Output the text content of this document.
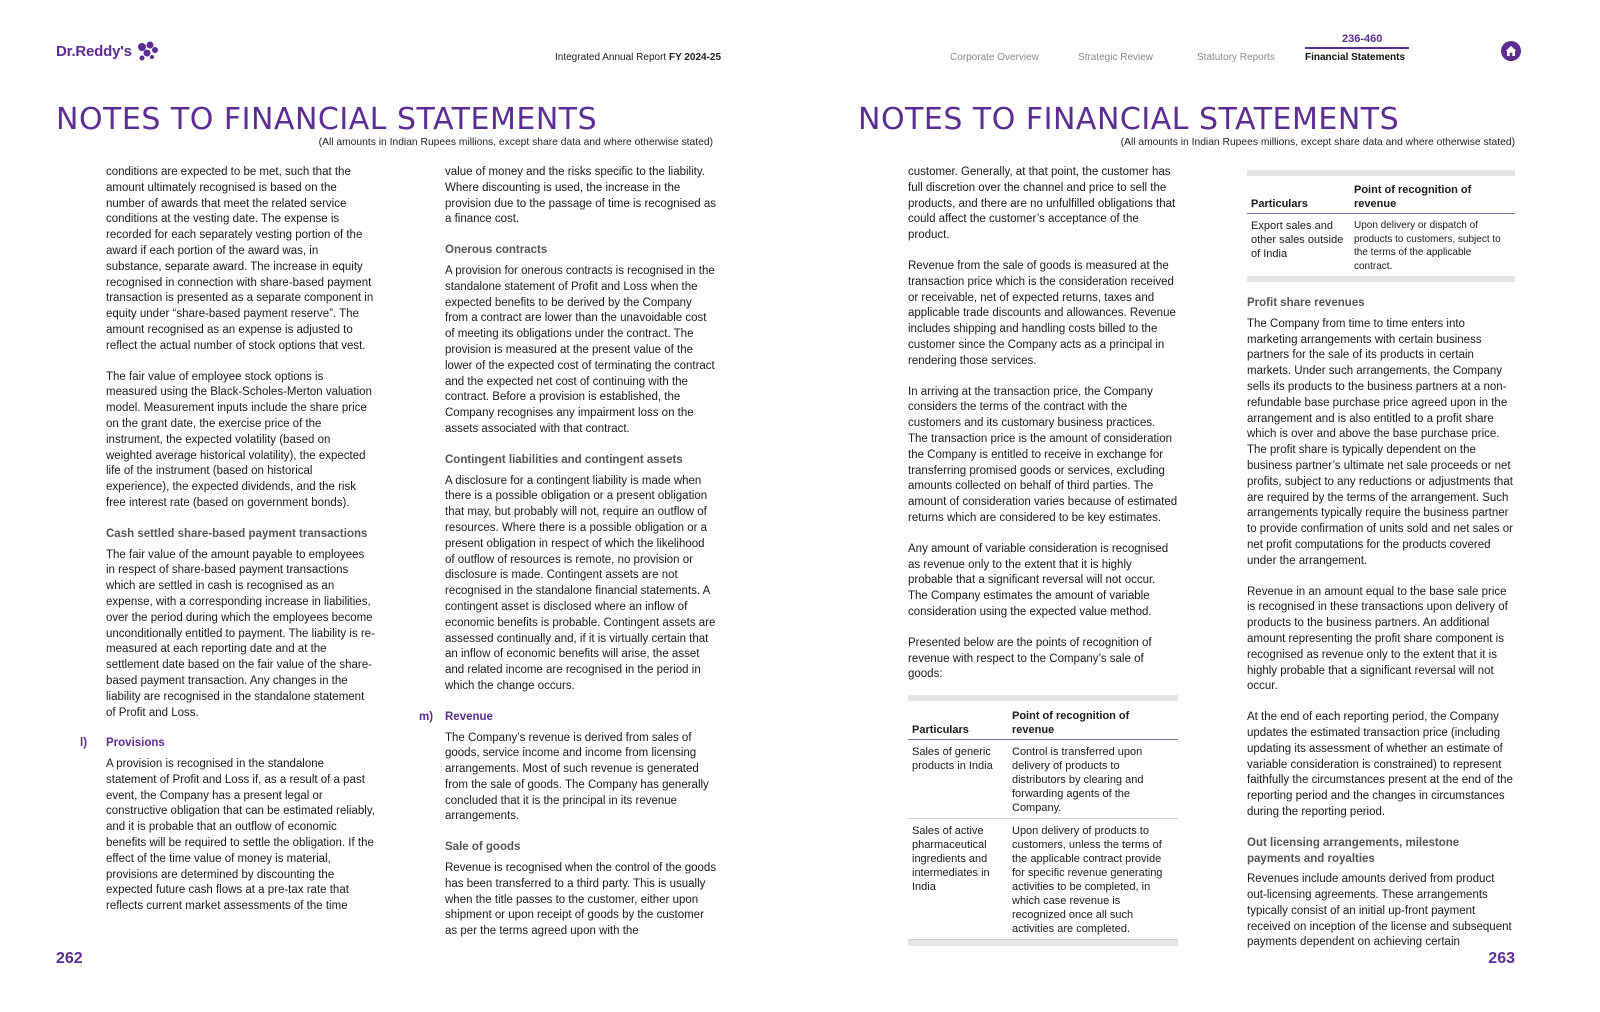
Dr.Reddy's	Integrated Annual Report FY 2024-25	Corporate Overview	Strategic Review	Statutory Reports
236-460
Financial Statements
NOTES TO FINANCIAL STATEMENTS
(All amounts in Indian Rupees millions, except share data and where otherwise stated)

conditions are expected to be met, such that the amount ultimately recognised is based on the number of awards that meet the related service conditions at the vesting date. The expense is recorded for each separately vesting portion of the award if each portion of the award was, in substance, separate award. The increase in equity recognised in connection with share-based payment transaction is presented as a separate component in equity under “share-based payment reserve”. The amount recognised as an expense is adjusted to reflect the actual number of stock options that vest.

The fair value of employee stock options is measured using the Black-Scholes-Merton valuation model. Measurement inputs include the share price on the grant date, the exercise price of the instrument, the expected volatility (based on weighted average historical volatility), the expected life of the instrument (based on historical experience), the expected dividends, and the risk free interest rate (based on government bonds).

Cash settled share-based payment transactions

The fair value of the amount payable to employees in respect of share-based payment transactions which are settled in cash is recognised as an expense, with a corresponding increase in liabilities, over the period during which the employees become unconditionally entitled to payment. The liability is re-measured at each reporting date and at the settlement date based on the fair value of the share-based payment transaction. Any changes in the liability are recognised in the standalone statement of Profit and Loss.

l) Provisions

A provision is recognised in the standalone statement of Profit and Loss if, as a result of a past event, the Company has a present legal or constructive obligation that can be estimated reliably, and it is probable that an outflow of economic benefits will be required to settle the obligation. If the effect of the time value of money is material, provisions are determined by discounting the expected future cash flows at a pre-tax rate that reflects current market assessments of the time

value of money and the risks specific to the liability. Where discounting is used, the increase in the provision due to the passage of time is recognised as a finance cost.

Onerous contracts

A provision for onerous contracts is recognised in the standalone statement of Profit and Loss when the expected benefits to be derived by the Company from a contract are lower than the unavoidable cost of meeting its obligations under the contract. The provision is measured at the present value of the lower of the expected cost of terminating the contract and the expected net cost of continuing with the contract. Before a provision is established, the Company recognises any impairment loss on the assets associated with that contract.

Contingent liabilities and contingent assets

A disclosure for a contingent liability is made when there is a possible obligation or a present obligation that may, but probably will not, require an outflow of resources. Where there is a possible obligation or a present obligation in respect of which the likelihood of outflow of resources is remote, no provision or disclosure is made. Contingent assets are not recognised in the standalone financial statements. A contingent asset is disclosed where an inflow of economic benefits is probable. Contingent assets are assessed continually and, if it is virtually certain that an inflow of economic benefits will arise, the asset and related income are recognised in the period in which the change occurs.

m) Revenue

The Company’s revenue is derived from sales of goods, service income and income from licensing arrangements. Most of such revenue is generated from the sale of goods. The Company has generally concluded that it is the principal in its revenue arrangements.

Sale of goods

Revenue is recognised when the control of the goods has been transferred to a third party. This is usually when the title passes to the customer, either upon shipment or upon receipt of goods by the customer as per the terms agreed upon with the

262
NOTES TO FINANCIAL STATEMENTS
(All amounts in Indian Rupees millions, except share data and where otherwise stated)

customer. Generally, at that point, the customer has full discretion over the channel and price to sell the products, and there are no unfulfilled obligations that could affect the customer’s acceptance of the product.

Revenue from the sale of goods is measured at the transaction price which is the consideration received or receivable, net of expected returns, taxes and applicable trade discounts and allowances. Revenue includes shipping and handling costs billed to the customer since the Company acts as a principal in rendering those services.

In arriving at the transaction price, the Company considers the terms of the contract with the customers and its customary business practices. The transaction price is the amount of consideration the Company is entitled to receive in exchange for transferring promised goods or services, excluding amounts collected on behalf of third parties. The amount of consideration varies because of estimated returns which are considered to be key estimates.

Any amount of variable consideration is recognised as revenue only to the extent that it is highly probable that a significant reversal will not occur. The Company estimates the amount of variable consideration using the expected value method.

Presented below are the points of recognition of revenue with respect to the Company’s sale of goods:

Particulars	Point of recognition of revenue
Sales of generic products in India	Control is transferred upon delivery of products to distributors by clearing and forwarding agents of the Company.
Sales of active pharmaceutical ingredients and intermediates in India	Upon delivery of products to customers, unless the terms of the applicable contract provide for specific revenue generating activities to be completed, in which case revenue is recognized once all such activities are completed.
Particulars	Point of recognition of revenue
Export sales and other sales outside of India	Upon delivery or dispatch of products to customers, subject to the terms of the applicable contract.
Profit share revenues

The Company from time to time enters into marketing arrangements with certain business partners for the sale of its products in certain markets. Under such arrangements, the Company sells its products to the business partners at a non-refundable base purchase price agreed upon in the arrangement and is also entitled to a profit share which is over and above the base purchase price. The profit share is typically dependent on the business partner’s ultimate net sale proceeds or net profits, subject to any reductions or adjustments that are required by the terms of the arrangement. Such arrangements typically require the business partner to provide confirmation of units sold and net sales or net profit computations for the products covered under the arrangement.

Revenue in an amount equal to the base sale price is recognised in these transactions upon delivery of products to the business partners. An additional amount representing the profit share component is recognised as revenue only to the extent that it is highly probable that a significant reversal will not occur.

At the end of each reporting period, the Company updates the estimated transaction price (including updating its assessment of whether an estimate of variable consideration is constrained) to represent faithfully the circumstances present at the end of the reporting period and the changes in circumstances during the reporting period.

Out licensing arrangements, milestone payments and royalties

Revenues include amounts derived from product out-licensing agreements. These arrangements typically consist of an initial up-front payment received on inception of the license and subsequent payments dependent on achieving certain

263
